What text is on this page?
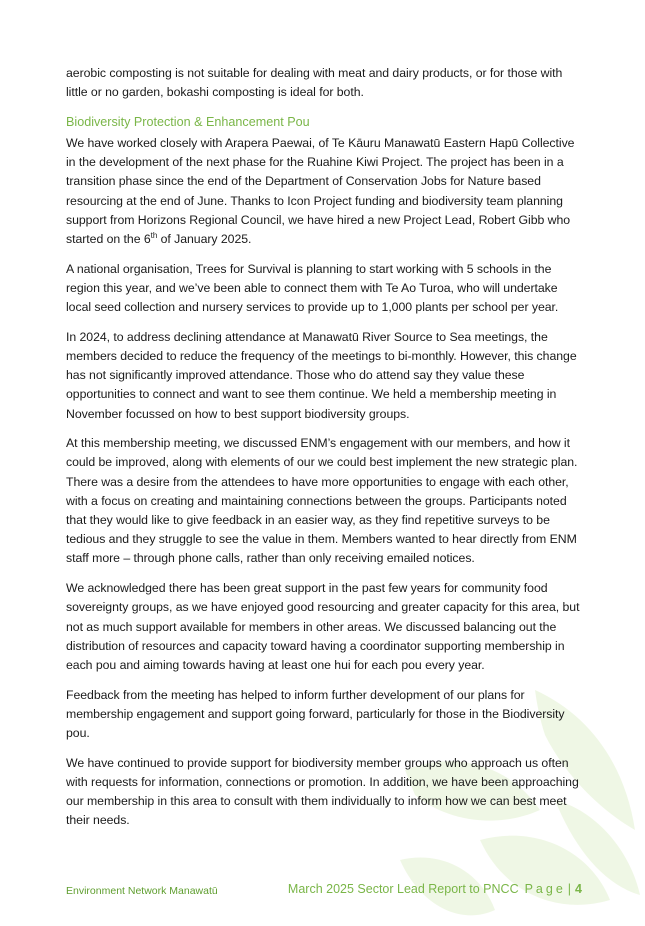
aerobic composting is not suitable for dealing with meat and dairy products, or for those with little or no garden, bokashi composting is ideal for both.

Biodiversity Protection & Enhancement Pou

We have worked closely with Arapera Paewai, of Te Kāuru Manawatū Eastern Hapū Collective in the development of the next phase for the Ruahine Kiwi Project. The project has been in a transition phase since the end of the Department of Conservation Jobs for Nature based resourcing at the end of June. Thanks to Icon Project funding and biodiversity team planning support from Horizons Regional Council, we have hired a new Project Lead, Robert Gibb who started on the 6th of January 2025.

A national organisation, Trees for Survival is planning to start working with 5 schools in the region this year, and we’ve been able to connect them with Te Ao Turoa, who will undertake local seed collection and nursery services to provide up to 1,000 plants per school per year.

In 2024, to address declining attendance at Manawatū River Source to Sea meetings, the members decided to reduce the frequency of the meetings to bi-monthly. However, this change has not significantly improved attendance. Those who do attend say they value these opportunities to connect and want to see them continue. We held a membership meeting in November focussed on how to best support biodiversity groups.

At this membership meeting, we discussed ENM’s engagement with our members, and how it could be improved, along with elements of our we could best implement the new strategic plan. There was a desire from the attendees to have more opportunities to engage with each other, with a focus on creating and maintaining connections between the groups. Participants noted that they would like to give feedback in an easier way, as they find repetitive surveys to be tedious and they struggle to see the value in them. Members wanted to hear directly from ENM staff more – through phone calls, rather than only receiving emailed notices.

We acknowledged there has been great support in the past few years for community food sovereignty groups, as we have enjoyed good resourcing and greater capacity for this area, but not as much support available for members in other areas. We discussed balancing out the distribution of resources and capacity toward having a coordinator supporting membership in each pou and aiming towards having at least one hui for each pou every year.

Feedback from the meeting has helped to inform further development of our plans for membership engagement and support going forward, particularly for those in the Biodiversity pou.

We have continued to provide support for biodiversity member groups who approach us often with requests for information, connections or promotion. In addition, we have been approaching our membership in this area to consult with them individually to inform how we can best meet their needs.

Environment Network Manawatū	March 2025 Sector Lead Report to PNCC Page | 4
